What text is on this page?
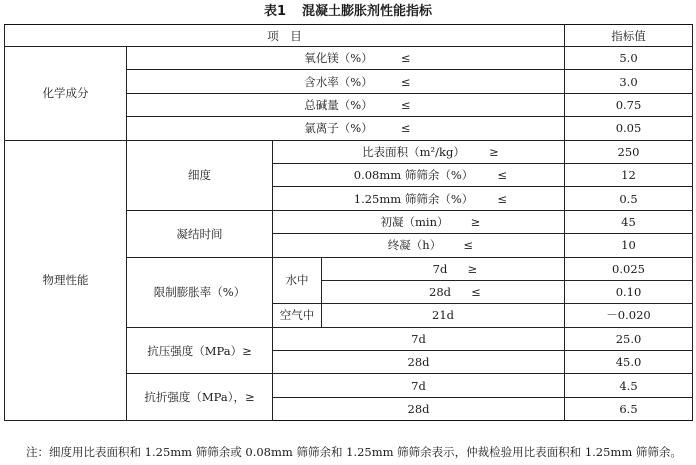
表1 混凝土膨胀剂性能指标
项　目				指标值
化学成分	氧化镁（%） ≤			5.0
	含水率（%） ≤			3.0
	总碱量（%） ≤			0.75
	氯离子（%） ≤			0.05
物理性能	细度	比表面积（m²/kg） ≥		250
		0.08mm 筛筛余（%） ≤		12
		1.25mm 筛筛余（%） ≤		0.5
	凝结时间	初凝（min） ≥		45
		终凝（h） ≤		10
	限制膨胀率（%）	水中	7d ≥	0.025
			28d ≤	0.10
		空气中	21d	－0.020
	抗压强度（MPa）≥	7d		25.0
		28d		45.0
	抗折强度（MPa），≥	7d		4.5
		28d		6.5
注：细度用比表面积和 1.25mm 筛筛余或 0.08mm 筛筛余和 1.25mm 筛筛余表示，仲裁检验用比表面积和 1.25mm 筛筛余。
